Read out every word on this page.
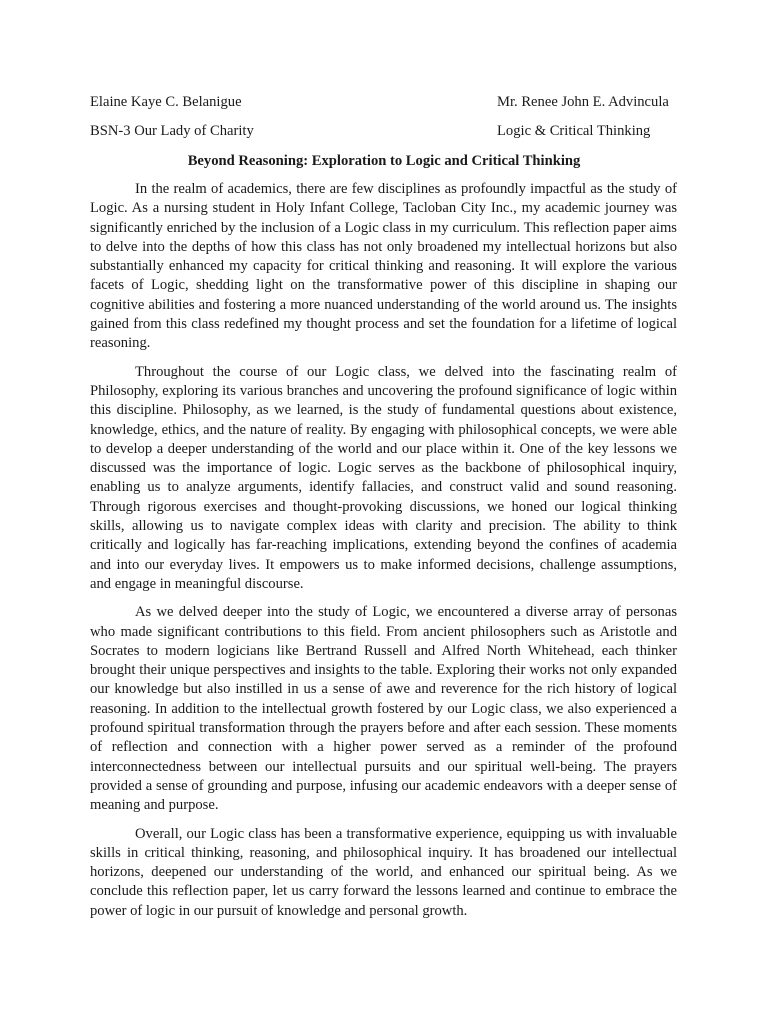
Elaine Kaye C. Belanigue	Mr. Renee John E. Advincula
BSN-3 Our Lady of Charity	Logic & Critical Thinking
Beyond Reasoning: Exploration to Logic and Critical Thinking

In the realm of academics, there are few disciplines as profoundly impactful as the study of Logic. As a nursing student in Holy Infant College, Tacloban City Inc., my academic journey was significantly enriched by the inclusion of a Logic class in my curriculum. This reflection paper aims to delve into the depths of how this class has not only broadened my intellectual horizons but also substantially enhanced my capacity for critical thinking and reasoning. It will explore the various facets of Logic, shedding light on the transformative power of this discipline in shaping our cognitive abilities and fostering a more nuanced understanding of the world around us. The insights gained from this class redefined my thought process and set the foundation for a lifetime of logical reasoning.

Throughout the course of our Logic class, we delved into the fascinating realm of Philosophy, exploring its various branches and uncovering the profound significance of logic within this discipline. Philosophy, as we learned, is the study of fundamental questions about existence, knowledge, ethics, and the nature of reality. By engaging with philosophical concepts, we were able to develop a deeper understanding of the world and our place within it. One of the key lessons we discussed was the importance of logic. Logic serves as the backbone of philosophical inquiry, enabling us to analyze arguments, identify fallacies, and construct valid and sound reasoning. Through rigorous exercises and thought-provoking discussions, we honed our logical thinking skills, allowing us to navigate complex ideas with clarity and precision. The ability to think critically and logically has far-reaching implications, extending beyond the confines of academia and into our everyday lives. It empowers us to make informed decisions, challenge assumptions, and engage in meaningful discourse.

As we delved deeper into the study of Logic, we encountered a diverse array of personas who made significant contributions to this field. From ancient philosophers such as Aristotle and Socrates to modern logicians like Bertrand Russell and Alfred North Whitehead, each thinker brought their unique perspectives and insights to the table. Exploring their works not only expanded our knowledge but also instilled in us a sense of awe and reverence for the rich history of logical reasoning. In addition to the intellectual growth fostered by our Logic class, we also experienced a profound spiritual transformation through the prayers before and after each session. These moments of reflection and connection with a higher power served as a reminder of the profound interconnectedness between our intellectual pursuits and our spiritual well-being. The prayers provided a sense of grounding and purpose, infusing our academic endeavors with a deeper sense of meaning and purpose.

Overall, our Logic class has been a transformative experience, equipping us with invaluable skills in critical thinking, reasoning, and philosophical inquiry. It has broadened our intellectual horizons, deepened our understanding of the world, and enhanced our spiritual being. As we conclude this reflection paper, let us carry forward the lessons learned and continue to embrace the power of logic in our pursuit of knowledge and personal growth.
